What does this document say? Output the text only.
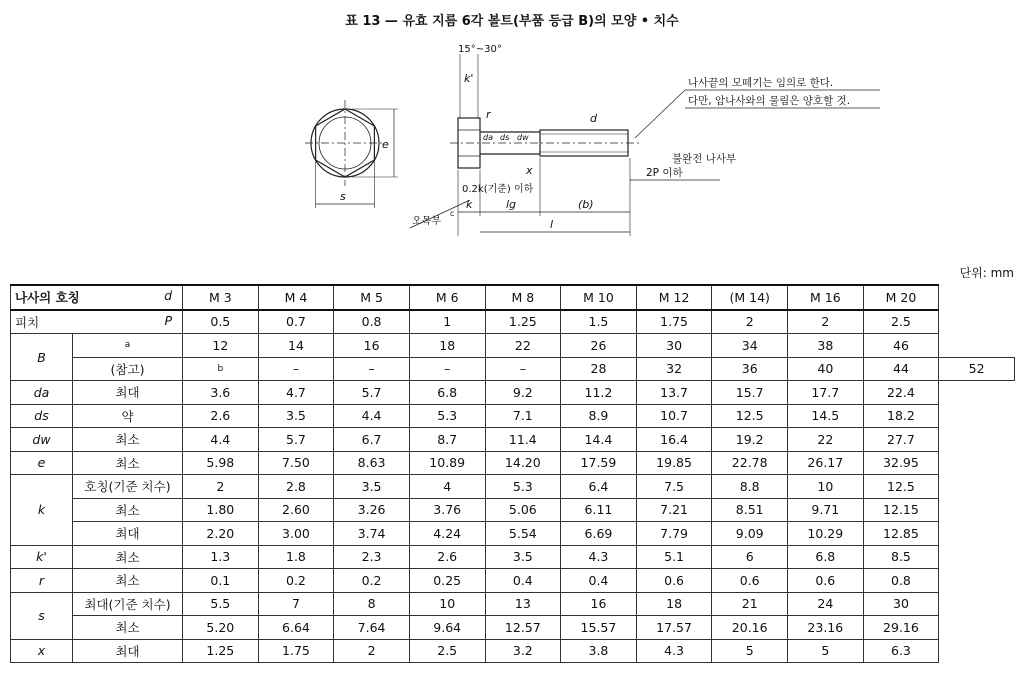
표 13 — 유효 지름 6각 볼트(부품 등급 B)의 모양 • 치수
e
s
15°~30°
k'
r	d
da ds dw
x
k	lg	(b)
l
0.2k(기준) 이하
오목부
c
나사끝의 모떼기는 임의로 한다.
다만, 암나사와의 물림은 양호할 것.
불완전 나사부
2P 이하
단위: mm
나사의 호칭 d		M 3	M 4	M 5	M 6	M 8	M 10	M 12	(M 14)	M 16	M 20	
피치 P		0.5	0.7	0.8	1	1.25	1.5	1.75	2	2	2.5	
B	a	12	14	16	18	22	26	30	34	38	46	
	(참고)	b	–	–	–	–	28	32	36	40	44	52
da	최대	3.6	4.7	5.7	6.8	9.2	11.2	13.7	15.7	17.7	22.4	
ds	약	2.6	3.5	4.4	5.3	7.1	8.9	10.7	12.5	14.5	18.2	
dw	최소	4.4	5.7	6.7	8.7	11.4	14.4	16.4	19.2	22	27.7	
e	최소	5.98	7.50	8.63	10.89	14.20	17.59	19.85	22.78	26.17	32.95	
k	호칭(기준 치수)	2	2.8	3.5	4	5.3	6.4	7.5	8.8	10	12.5	
	최소	1.80	2.60	3.26	3.76	5.06	6.11	7.21	8.51	9.71	12.15	
	최대	2.20	3.00	3.74	4.24	5.54	6.69	7.79	9.09	10.29	12.85	
k'	최소	1.3	1.8	2.3	2.6	3.5	4.3	5.1	6	6.8	8.5	
r	최소	0.1	0.2	0.2	0.25	0.4	0.4	0.6	0.6	0.6	0.8	
s	최대(기준 치수)	5.5	7	8	10	13	16	18	21	24	30	
	최소	5.20	6.64	7.64	9.64	12.57	15.57	17.57	20.16	23.16	29.16	
x	최대	1.25	1.75	2	2.5	3.2	3.8	4.3	5	5	6.3	
